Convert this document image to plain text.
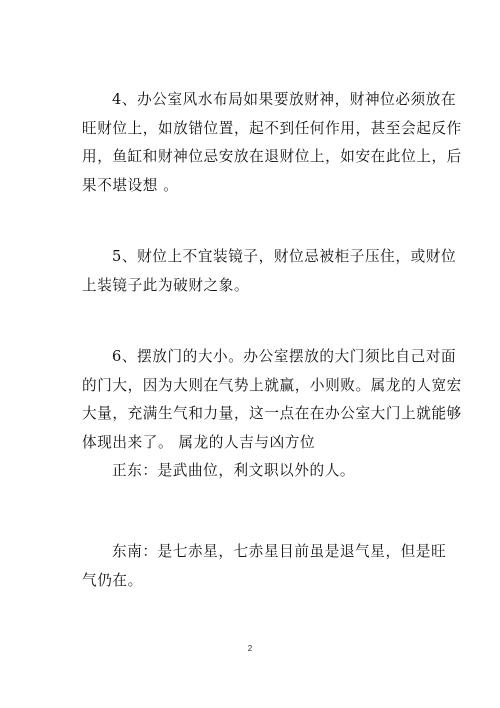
4、办公室风水布局如果要放财神，财神位必须放在
旺财位上，如放错位置，起不到任何作用，甚至会起反作
用，鱼缸和财神位忌安放在退财位上，如安在此位上，后
果不堪设想 。
5、财位上不宜装镜子，财位忌被柜子压住，或财位
上装镜子此为破财之象。
6、摆放门的大小。办公室摆放的大门须比自己对面
的门大，因为大则在气势上就赢，小则败。属龙的人宽宏
大量，充满生气和力量，这一点在在办公室大门上就能够
体现出来了。 属龙的人吉与凶方位
正东：是武曲位，利文职以外的人。
东南：是七赤星，七赤星目前虽是退气星，但是旺
气仍在。
2
